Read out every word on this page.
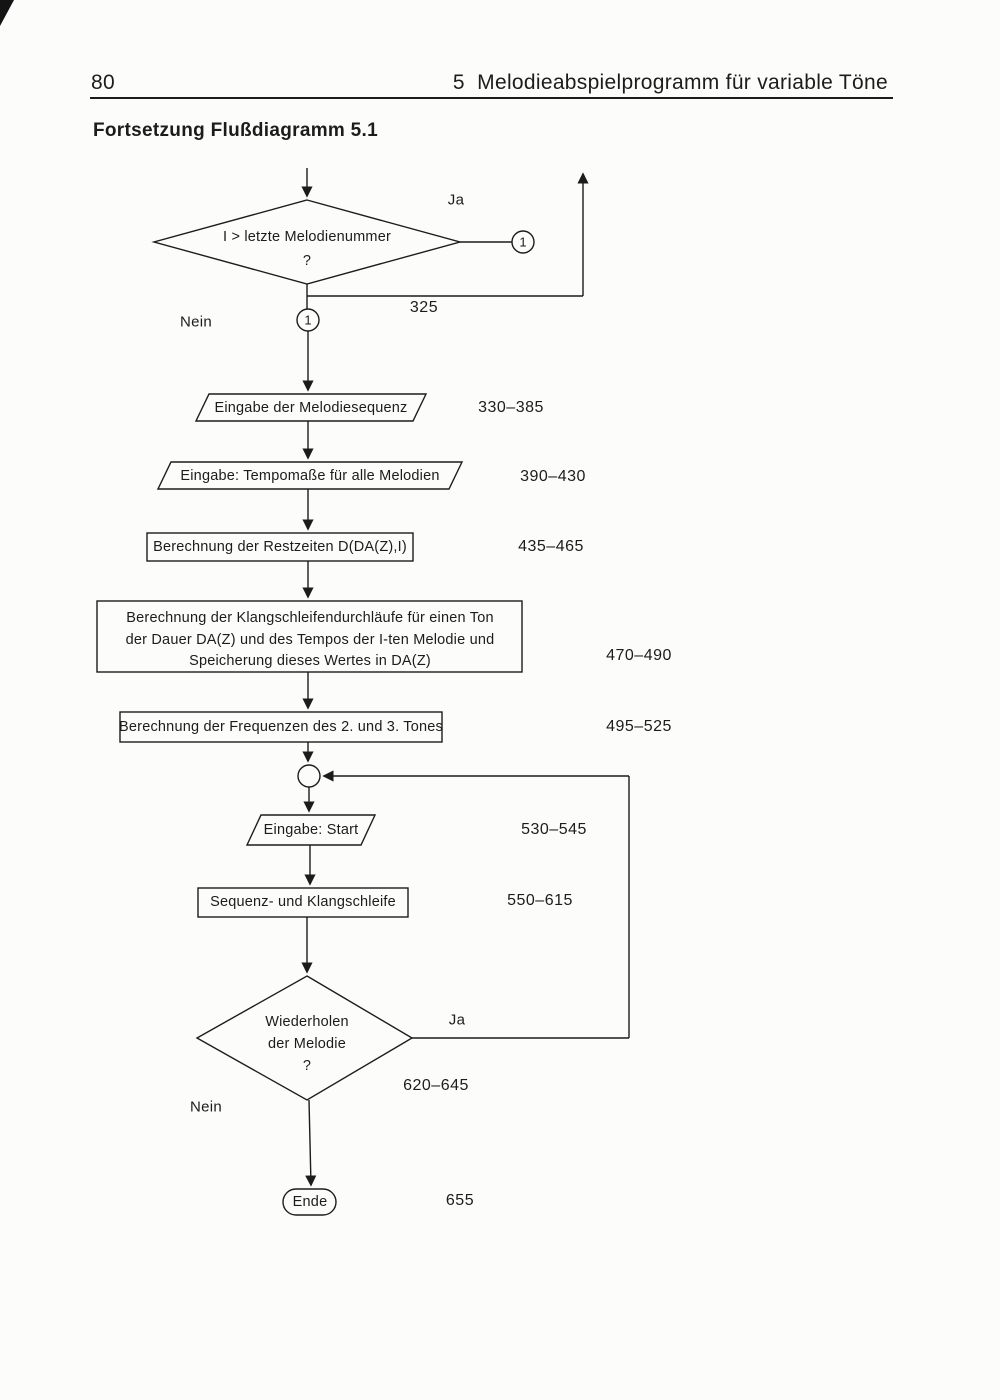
80	5 Melodieabspielprogramm für variable Töne
Fortsetzung Flußdiagramm 5.1
I > letzte Melodienummer
?
Ja
1
325
Nein	1
Eingabe der Melodiesequenz	330–385
Eingabe: Tempomaße für alle Melodien	390–430
Berechnung der Restzeiten D(DA(Z),I)	435–465
Berechnung der Klangschleifendurchläufe für einen Ton
der Dauer DA(Z) und des Tempos der I-ten Melodie und
Speicherung dieses Wertes in DA(Z)	470–490
Berechnung der Frequenzen des 2. und 3. Tones	495–525
Eingabe: Start	530–545
Sequenz- und Klangschleife	550–615
Wiederholen
der Melodie
?
Ja
620–645
Nein
Ende	655
